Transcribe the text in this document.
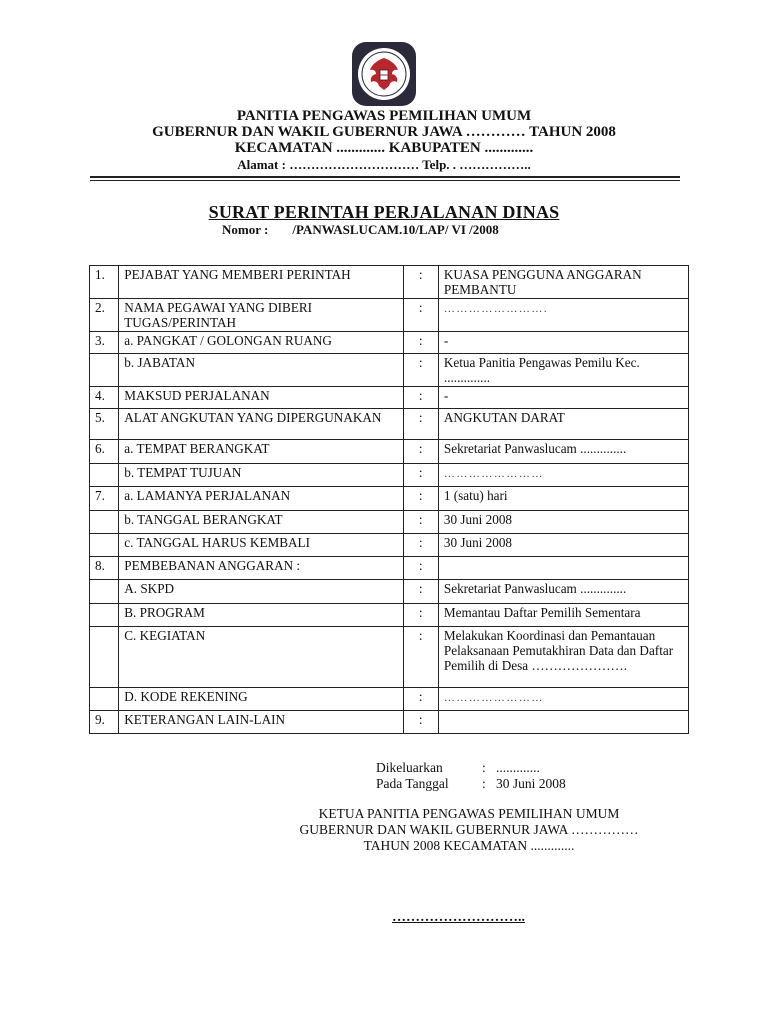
PANITIA PENGAWAS PEMILIHAN UMUM
GUBERNUR DAN WAKIL GUBERNUR JAWA ………… TAHUN 2008
KECAMATAN ............. KABUPATEN .............
Alamat : ………………………… Telp. . ……………..
SURAT PERINTAH PERJALANAN DINAS
Nomor : /PANWASLUCAM.10/LAP/ VI /2008
1.	PEJABAT YANG MEMBERI PERINTAH	:	KUASA PENGGUNA ANGGARAN PEMBANTU
2.	NAMA PEGAWAI YANG DIBERI TUGAS/PERINTAH	:	…………………….
3.	a. PANGKAT / GOLONGAN RUANG	:	-
	b. JABATAN	:	Ketua Panitia Pengawas Pemilu Kec. ..............
4.	MAKSUD PERJALANAN	:	-
5.	ALAT ANGKUTAN YANG DIPERGUNAKAN	:	ANGKUTAN DARAT
6.	a. TEMPAT BERANGKAT	:	Sekretariat Panwaslucam ..............
	b. TEMPAT TUJUAN	:	……………………
7.	a. LAMANYA PERJALANAN	:	1 (satu) hari
	b. TANGGAL BERANGKAT	:	30 Juni 2008
	c. TANGGAL HARUS KEMBALI	:	30 Juni 2008
8.	PEMBEBANAN ANGGARAN :	:	
	A. SKPD	:	Sekretariat Panwaslucam ..............
	B. PROGRAM	:	Memantau Daftar Pemilih Sementara
	C. KEGIATAN	:	Melakukan Koordinasi dan Pemantauan Pelaksanaan Pemutakhiran Data dan Daftar Pemilih di Desa ………………….
	D. KODE REKENING	:	……………………
9.	KETERANGAN LAIN-LAIN	:	
Dikeluarkan	: .............
Pada Tanggal : 30 Juni 2008
KETUA PANITIA PENGAWAS PEMILIHAN UMUM
GUBERNUR DAN WAKIL GUBERNUR JAWA ……………
TAHUN 2008 KECAMATAN .............
………………………..
